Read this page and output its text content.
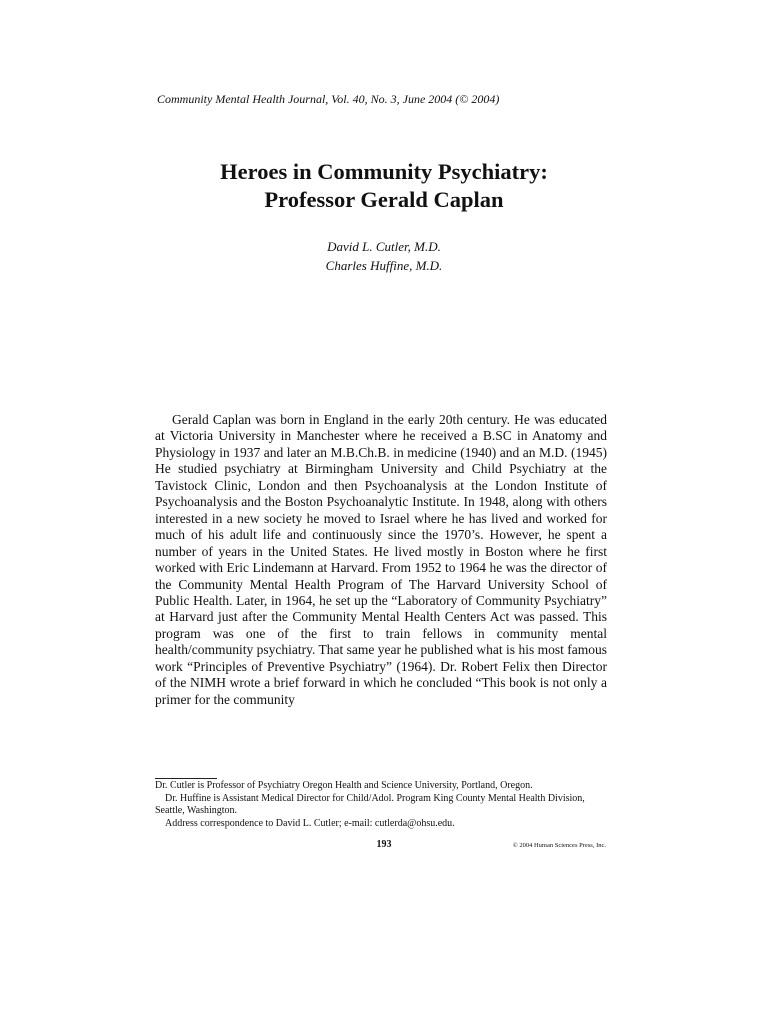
Community Mental Health Journal, Vol. 40, No. 3, June 2004 (© 2004)
Heroes in Community Psychiatry:
Professor Gerald Caplan
David L. Cutler, M.D.
Charles Huffine, M.D.

Gerald Caplan was born in England in the early 20th century. He was educated at Victoria University in Manchester where he received a B.SC in Anatomy and Physiology in 1937 and later an M.B.Ch.B. in medicine (1940) and an M.D. (1945) He studied psychiatry at Birmingham University and Child Psychiatry at the Tavistock Clinic, London and then Psychoanalysis at the London Institute of Psychoanalysis and the Boston Psychoanalytic Institute. In 1948, along with others interested in a new society he moved to Israel where he has lived and worked for much of his adult life and continuously since the 1970’s. However, he spent a number of years in the United States. He lived mostly in Boston where he first worked with Eric Lindemann at Harvard. From 1952 to 1964 he was the director of the Community Mental Health Program of The Harvard University School of Public Health. Later, in 1964, he set up the “Laboratory of Community Psychiatry” at Harvard just after the Community Mental Health Centers Act was passed. This program was one of the first to train fellows in community mental health/community psychiatry. That same year he published what is his most famous work “Principles of Preventive Psychiatry” (1964). Dr. Robert Felix then Director of the NIMH wrote a brief forward in which he concluded “This book is not only a primer for the community

Dr. Cutler is Professor of Psychiatry Oregon Health and Science University, Portland, Oregon.

Dr. Huffine is Assistant Medical Director for Child/Adol. Program King County Mental Health Division, Seattle, Washington.

Address correspondence to David L. Cutler; e-mail: cutlerda@ohsu.edu.

193	© 2004 Human Sciences Press, Inc.
